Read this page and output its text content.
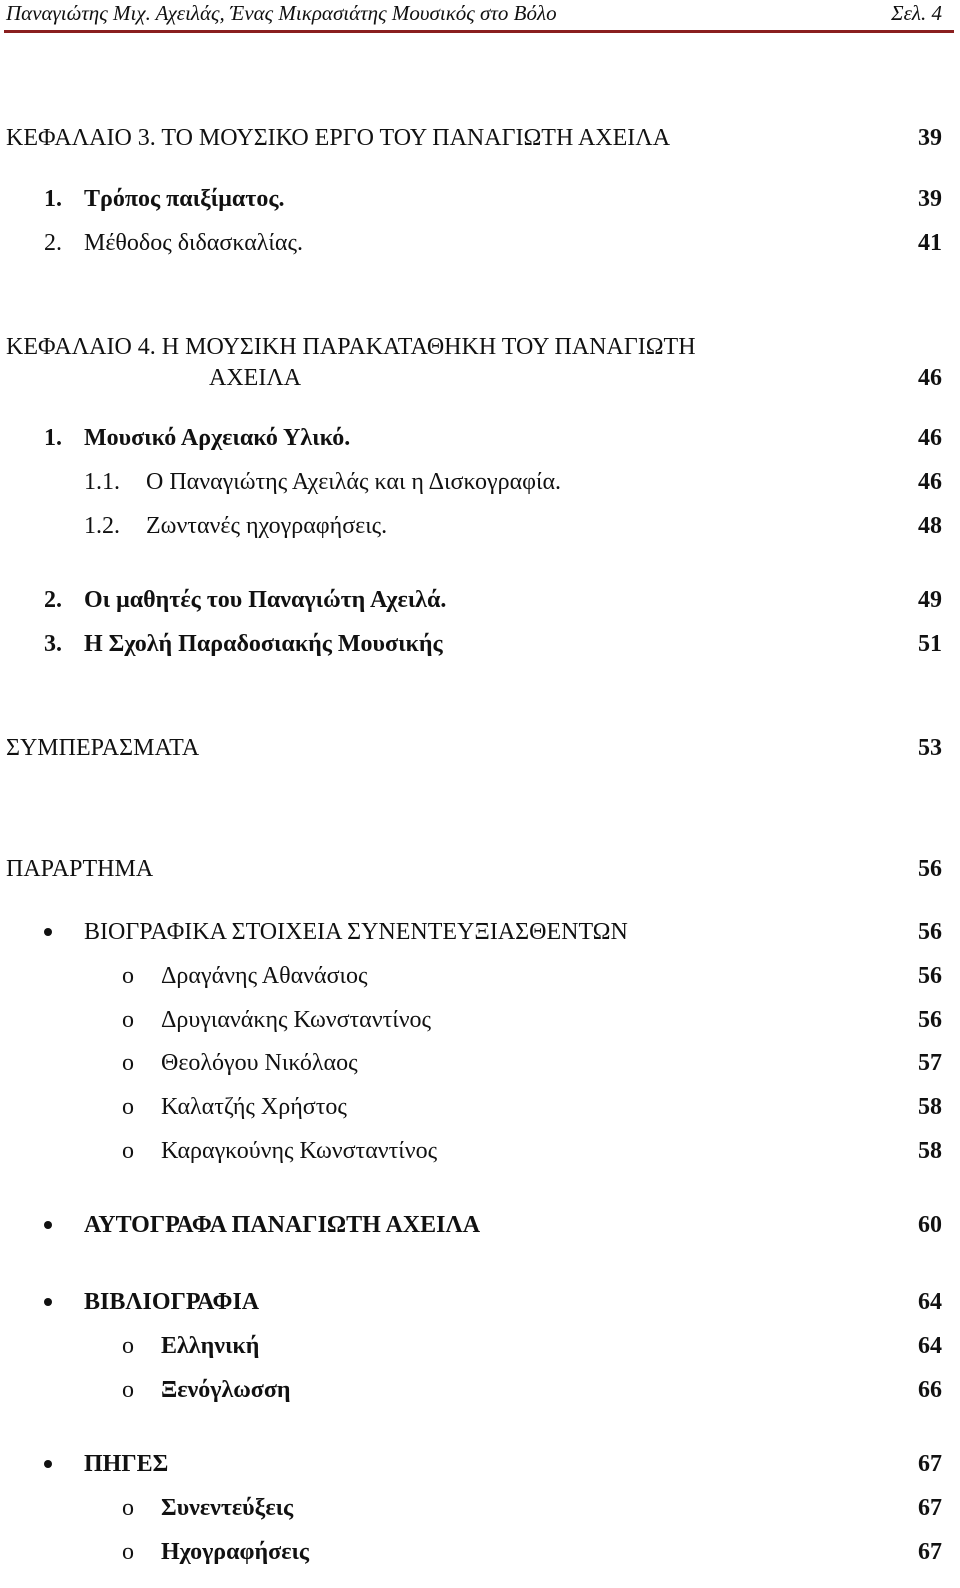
Παναγιώτης Μιχ. Αχειλάς, Ένας Μικρασιάτης Μουσικός στο Βόλο	Σελ. 4
ΚΕΦΑΛΑΙΟ 3. ΤΟ ΜΟΥΣΙΚΟ ΕΡΓΟ ΤΟΥ ΠΑΝΑΓΙΩΤΗ ΑΧΕΙΛΑ	39
1. Τρόπος παιξίματος.	39
2. Μέθοδος διδασκαλίας.	41
ΚΕΦΑΛΑΙΟ 4. Η ΜΟΥΣΙΚΗ ΠΑΡΑΚΑΤΑΘΗΚΗ ΤΟΥ ΠΑΝΑΓΙΩΤΗ
ΑΧΕΙΛΑ	46
1. Μουσικό Αρχειακό Υλικό.	46
1.1. Ο Παναγιώτης Αχειλάς και η Δισκογραφία.	46
1.2. Ζωντανές ηχογραφήσεις.	48
2. Οι μαθητές του Παναγιώτη Αχειλά.	49
3. Η Σχολή Παραδοσιακής Μουσικής	51
ΣΥΜΠΕΡΑΣΜΑΤΑ	53
ΠΑΡΑΡΤΗΜΑ	56
ΒΙΟΓΡΑΦΙΚΑ ΣΤΟΙΧΕΙΑ ΣΥΝΕΝΤΕΥΞΙΑΣΘΕΝΤΩΝ	56
o Δραγάνης Αθανάσιος	56
o Δρυγιανάκης Κωνσταντίνος	56
o Θεολόγου Νικόλαος	57
o Καλατζής Χρήστος	58
o Καραγκούνης Κωνσταντίνος	58
ΑΥΤΟΓΡΑΦΑ ΠΑΝΑΓΙΩΤΗ ΑΧΕΙΛΑ	60
ΒΙΒΛΙΟΓΡΑΦΙΑ	64
o Ελληνική	64
o Ξενόγλωσση	66
ΠΗΓΕΣ	67
o Συνεντεύξεις	67
o Ηχογραφήσεις	67
